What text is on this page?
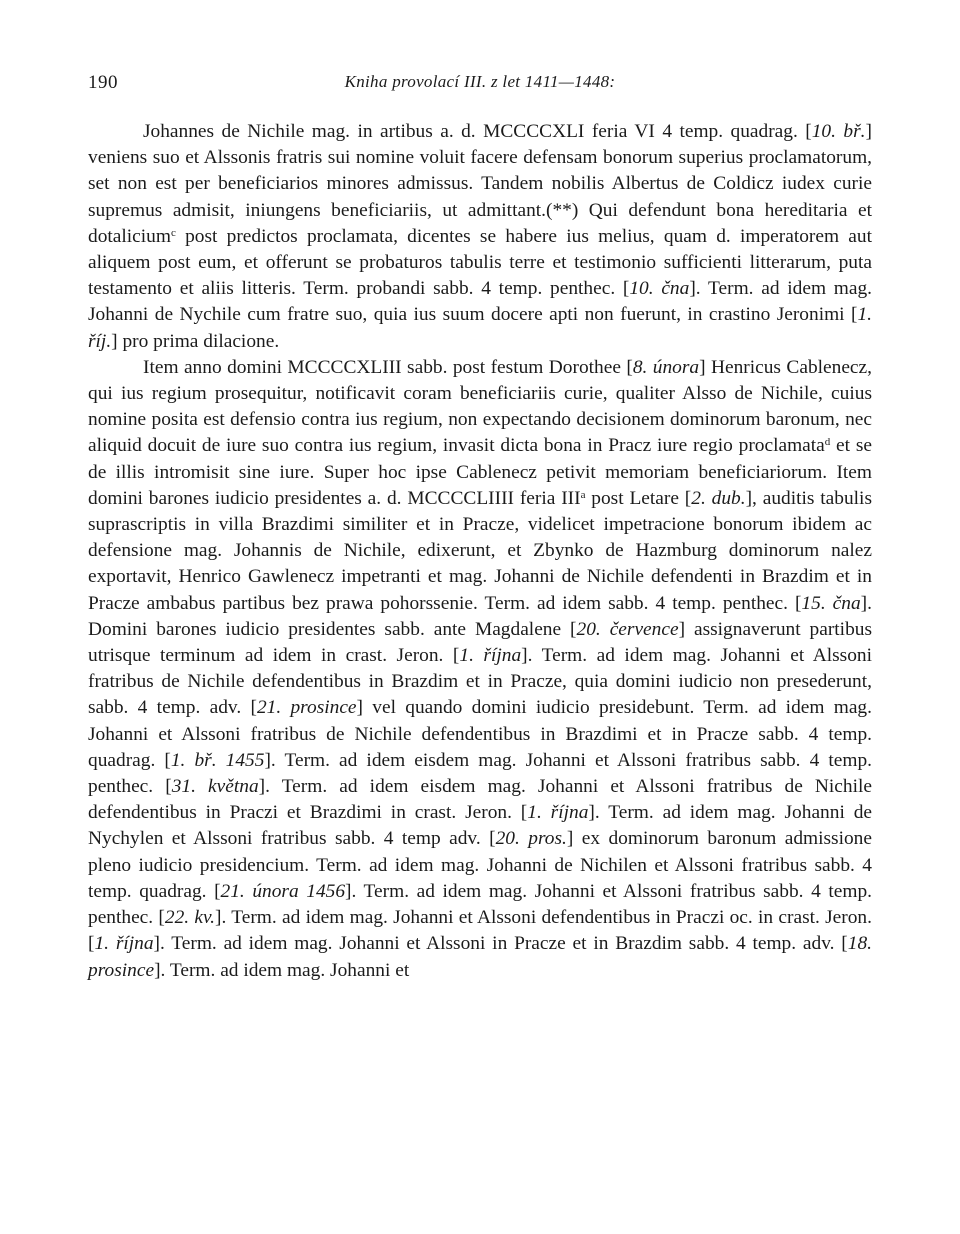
190	Kniha provolací III. z let 1411—1448:

Johannes de Nichile mag. in artibus a. d. MCCCCXLI feria VI 4 temp. quadrag. [10. bř.] veniens suo et Alssonis fratris sui nomine voluit facere defensam bonorum superius proclamatorum, set non est per beneficiarios minores admissus. Tandem nobilis Albertus de Coldicz iudex curie supremus admisit, iniungens beneficiariis, ut admittant.(**) Qui defendunt bona hereditaria et dotalicium$^c$ post predictos proclamata, dicentes se habere ius melius, quam d. imperatorem aut aliquem post eum, et offerunt se probaturos tabulis terre et testimonio sufficienti litterarum, puta testamento et aliis litteris. Term. probandi sabb. 4 temp. penthec. [10. čna]. Term. ad idem mag. Johanni de Nychile cum fratre suo, quia ius suum docere apti non fuerunt, in crastino Jeronimi [1. říj.] pro prima dilacione.

Item anno domini MCCCCXLIII sabb. post festum Dorothee [8. února] Henricus Cablenecz, qui ius regium prosequitur, notificavit coram beneficiariis curie, qualiter Alsso de Nichile, cuius nomine posita est defensio contra ius regium, non expectando decisionem dominorum baronum, nec aliquid docuit de iure suo contra ius regium, invasit dicta bona in Pracz iure regio proclamata$^d$ et se de illis intromisit sine iure. Super hoc ipse Cablenecz petivit memoriam beneficiariorum. Item domini barones iudicio presidentes a. d. MCCCCLIIII feria III$^a$ post Letare [2. dub.], auditis tabulis suprascriptis in villa Brazdimi similiter et in Pracze, videlicet impetracione bonorum ibidem ac defensione mag. Johannis de Nichile, edixerunt, et Zbynko de Hazmburg dominorum nalez exportavit, Henrico Gawlenecz impetranti et mag. Johanni de Nichile defendenti in Brazdim et in Pracze ambabus partibus bez prawa pohorssenie. Term. ad idem sabb. 4 temp. penthec. [15. čna]. Domini barones iudicio presidentes sabb. ante Magdalene [20. července] assignaverunt partibus utrisque terminum ad idem in crast. Jeron. [1. října]. Term. ad idem mag. Johanni et Alssoni fratribus de Nichile defendentibus in Brazdim et in Pracze, quia domini iudicio non presederunt, sabb. 4 temp. adv. [21. prosince] vel quando domini iudicio presidebunt. Term. ad idem mag. Johanni et Alssoni fratribus de Nichile defendentibus in Brazdimi et in Pracze sabb. 4 temp. quadrag. [1. bř. 1455]. Term. ad idem eisdem mag. Johanni et Alssoni fratribus sabb. 4 temp. penthec. [31. května]. Term. ad idem eisdem mag. Johanni et Alssoni fratribus de Nichile defendentibus in Praczi et Brazdimi in crast. Jeron. [1. října]. Term. ad idem mag. Johanni de Nychylen et Alssoni fratribus sabb. 4 temp adv. [20. pros.] ex dominorum baronum admissione pleno iudicio presidencium. Term. ad idem mag. Johanni de Nichilen et Alssoni fratribus sabb. 4 temp. quadrag. [21. února 1456]. Term. ad idem mag. Johanni et Alssoni fratribus sabb. 4 temp. penthec. [22. kv.]. Term. ad idem mag. Johanni et Alssoni defendentibus in Praczi oc. in crast. Jeron. [1. října]. Term. ad idem mag. Johanni et Alssoni in Pracze et in Brazdim sabb. 4 temp. adv. [18. prosince]. Term. ad idem mag. Johanni et
